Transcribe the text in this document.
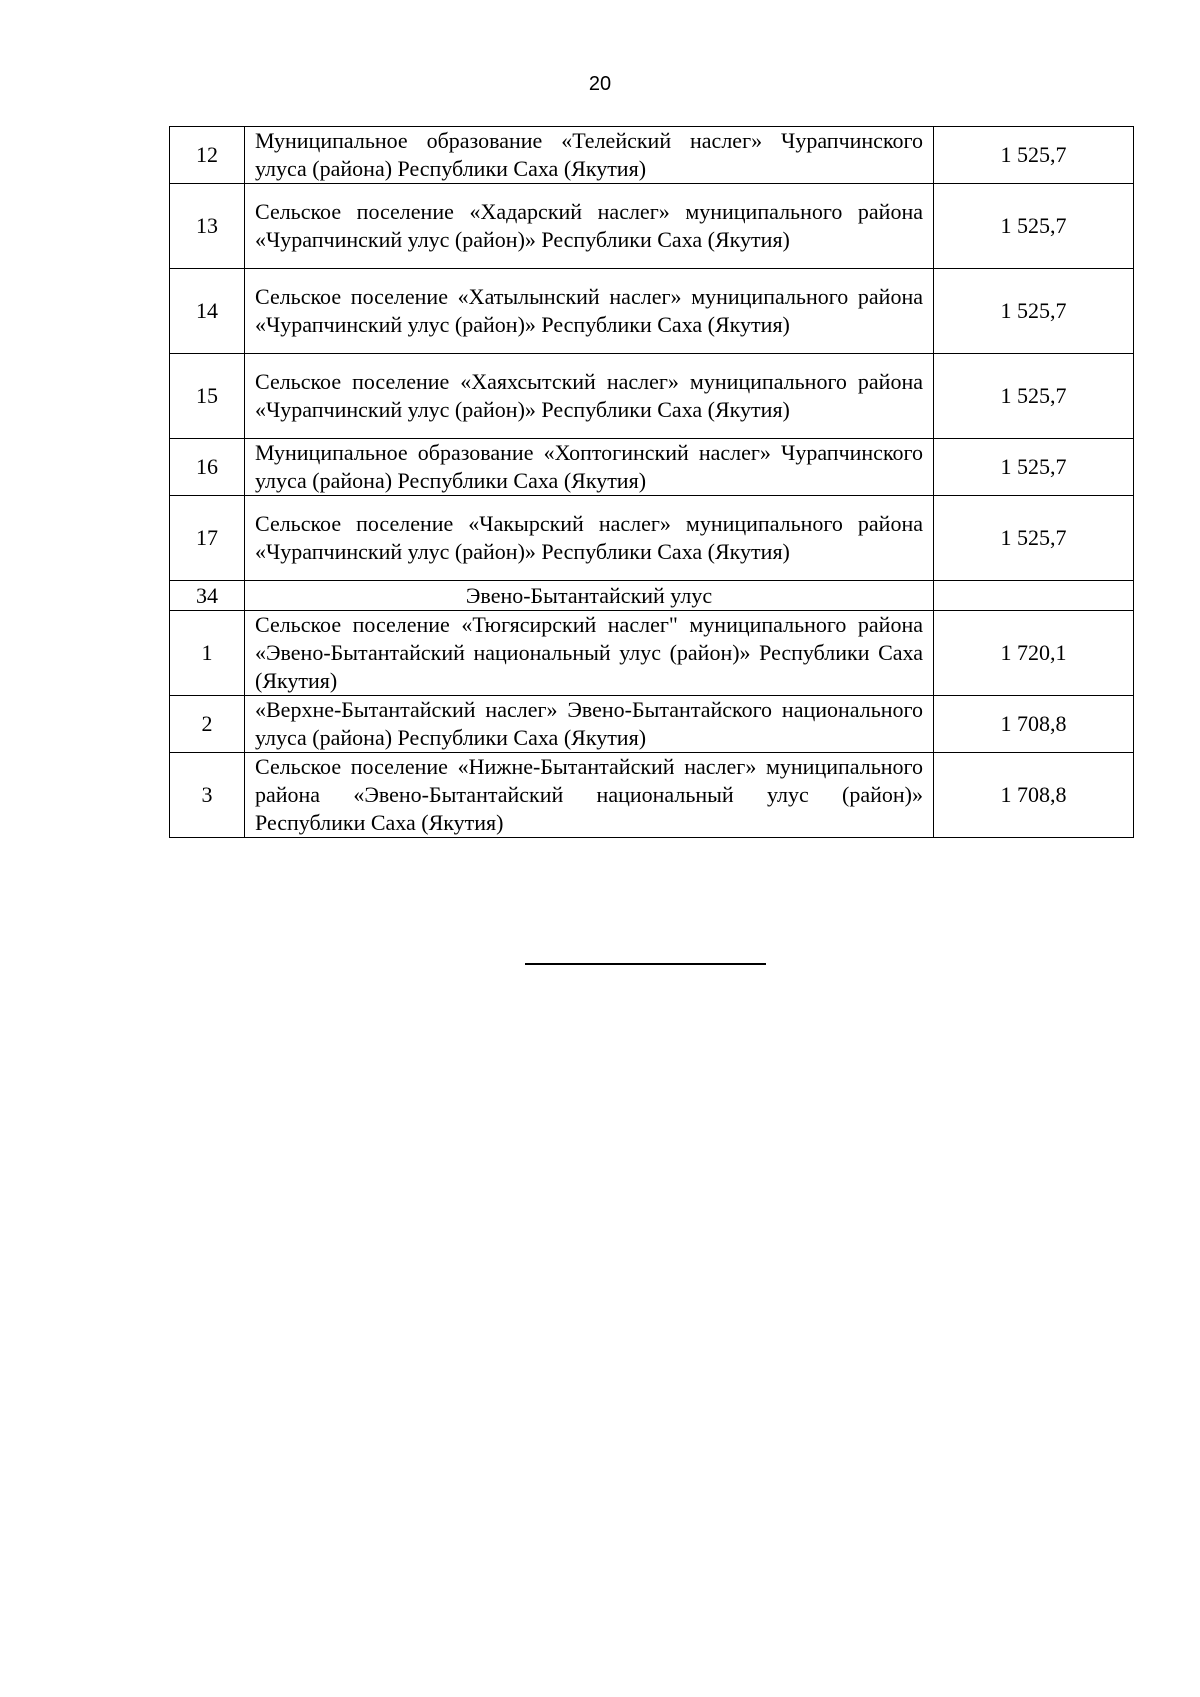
20
12	Муниципальное образование «Телейский наслег» Чурапчинского улуса (района) Республики Саха (Якутия)	1 525,7
13	Сельское поселение «Хадарский наслег» муниципального района «Чурапчинский улус (район)» Республики Саха (Якутия)	1 525,7
14	Сельское поселение «Хатылынский наслег» муниципального района «Чурапчинский улус (район)» Республики Саха (Якутия)	1 525,7
15	Сельское поселение «Хаяхсытский наслег» муниципального района «Чурапчинский улус (район)» Республики Саха (Якутия)	1 525,7
16	Муниципальное образование «Хоптогинский наслег» Чурапчинского улуса (района) Республики Саха (Якутия)	1 525,7
17	Сельское поселение «Чакырский наслег» муниципального района «Чурапчинский улус (район)» Республики Саха (Якутия)	1 525,7
34	Эвено-Бытантайский улус	
1	Сельское поселение «Тюгясирский наслег" муниципального района «Эвено-Бытантайский национальный улус (район)» Республики Саха (Якутия)	1 720,1
2	«Верхне-Бытантайский наслег» Эвено-Бытантайского национального улуса (района) Республики Саха (Якутия)	1 708,8
3	Сельское поселение «Нижне-Бытантайский наслег» муниципального района «Эвено-Бытантайский национальный улус (район)» Республики Саха (Якутия)	1 708,8
